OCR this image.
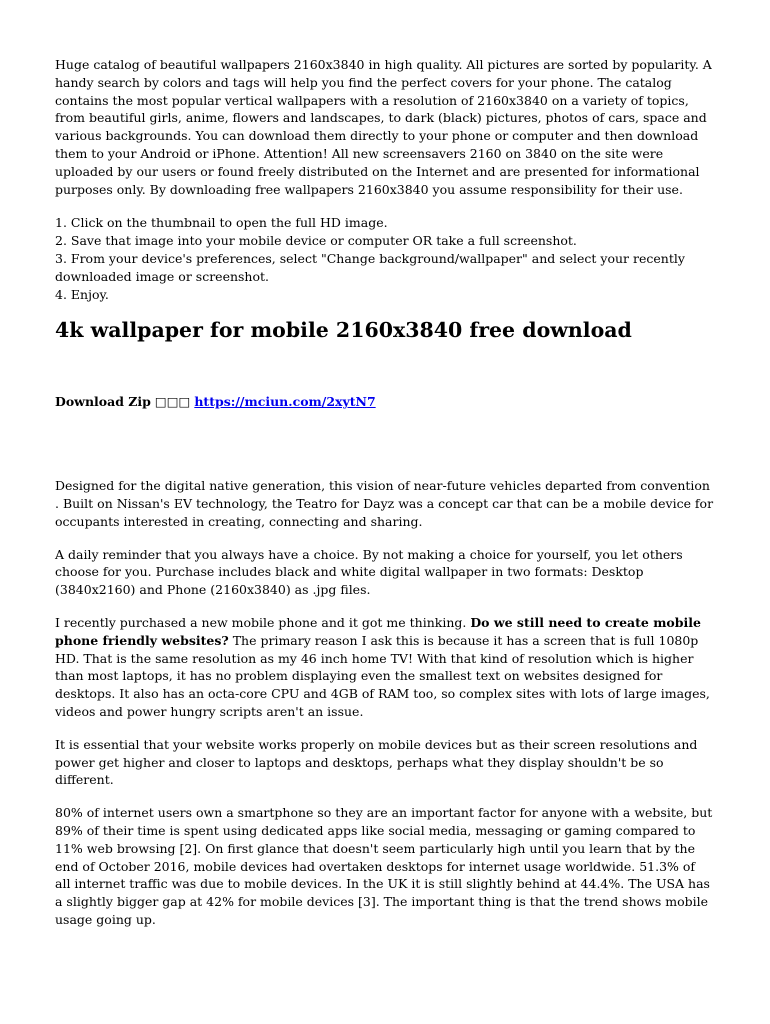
Huge catalog of beautiful wallpapers 2160x3840 in high quality. All pictures are sorted by popularity. A handy search by colors and tags will help you find the perfect covers for your phone. The catalog contains the most popular vertical wallpapers with a resolution of 2160x3840 on a variety of topics, from beautiful girls, anime, flowers and landscapes, to dark (black) pictures, photos of cars, space and various backgrounds. You can download them directly to your phone or computer and then download them to your Android or iPhone. Attention! All new screensavers 2160 on 3840 on the site were uploaded by our users or found freely distributed on the Internet and are presented for informational purposes only. By downloading free wallpapers 2160x3840 you assume responsibility for their use.

1. Click on the thumbnail to open the full HD image.

2. Save that image into your mobile device or computer OR take a full screenshot.

3. From your device's preferences, select "Change background/wallpaper" and select your recently downloaded image or screenshot.

4. Enjoy.

4k wallpaper for mobile 2160x3840 free download

Download Zip □□□ https://mciun.com/2xytN7

Designed for the digital native generation, this vision of near-future vehicles departed from convention . Built on Nissan's EV technology, the Teatro for Dayz was a concept car that can be a mobile device for occupants interested in creating, connecting and sharing.

A daily reminder that you always have a choice. By not making a choice for yourself, you let others choose for you. Purchase includes black and white digital wallpaper in two formats: Desktop (3840x2160) and Phone (2160x3840) as .jpg files.

I recently purchased a new mobile phone and it got me thinking. Do we still need to create mobile phone friendly websites? The primary reason I ask this is because it has a screen that is full 1080p HD. That is the same resolution as my 46 inch home TV! With that kind of resolution which is higher than most laptops, it has no problem displaying even the smallest text on websites designed for desktops. It also has an octa-core CPU and 4GB of RAM too, so complex sites with lots of large images, videos and power hungry scripts aren't an issue.

It is essential that your website works properly on mobile devices but as their screen resolutions and power get higher and closer to laptops and desktops, perhaps what they display shouldn't be so different.

80% of internet users own a smartphone so they are an important factor for anyone with a website, but 89% of their time is spent using dedicated apps like social media, messaging or gaming compared to 11% web browsing [2]. On first glance that doesn't seem particularly high until you learn that by the end of October 2016, mobile devices had overtaken desktops for internet usage worldwide. 51.3% of all internet traffic was due to mobile devices. In the UK it is still slightly behind at 44.4%. The USA has a slightly bigger gap at 42% for mobile devices [3]. The important thing is that the trend shows mobile usage going up.
